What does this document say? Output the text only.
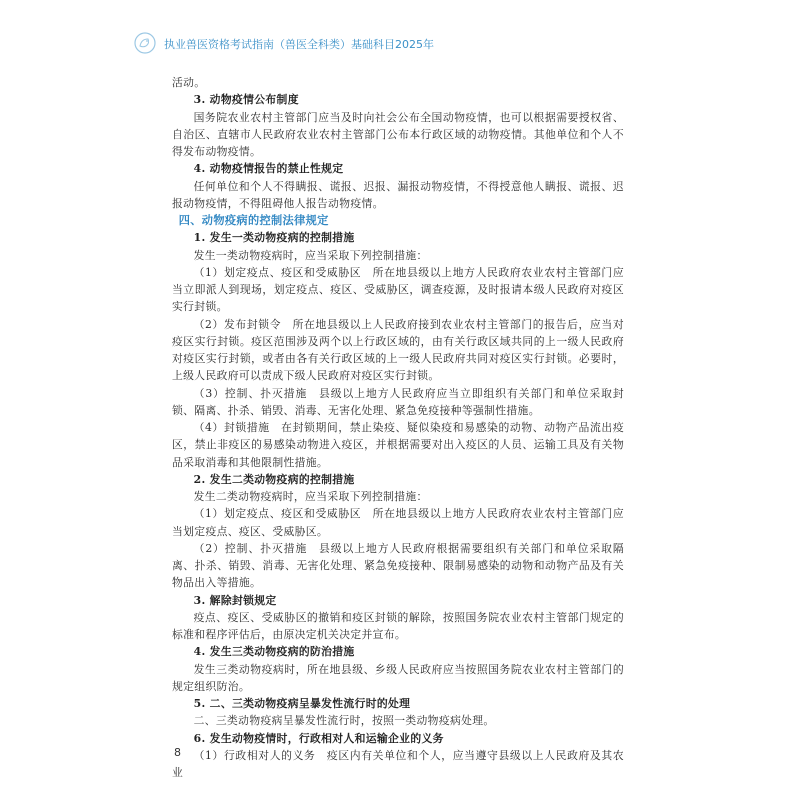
执业兽医资格考试指南（兽医全科类）基础科目2025年

活动。

3. 动物疫情公布制度

国务院农业农村主管部门应当及时向社会公布全国动物疫情，也可以根据需要授权省、自治区、直辖市人民政府农业农村主管部门公布本行政区域的动物疫情。其他单位和个人不得发布动物疫情。

4. 动物疫情报告的禁止性规定

任何单位和个人不得瞒报、谎报、迟报、漏报动物疫情，不得授意他人瞒报、谎报、迟报动物疫情，不得阻碍他人报告动物疫情。

四、动物疫病的控制法律规定

1. 发生一类动物疫病的控制措施

发生一类动物疫病时，应当采取下列控制措施：

（1）划定疫点、疫区和受威胁区　所在地县级以上地方人民政府农业农村主管部门应当立即派人到现场，划定疫点、疫区、受威胁区，调查疫源，及时报请本级人民政府对疫区实行封锁。

（2）发布封锁令　所在地县级以上人民政府接到农业农村主管部门的报告后，应当对疫区实行封锁。疫区范围涉及两个以上行政区域的，由有关行政区域共同的上一级人民政府对疫区实行封锁，或者由各有关行政区域的上一级人民政府共同对疫区实行封锁。必要时，上级人民政府可以责成下级人民政府对疫区实行封锁。

（3）控制、扑灭措施　县级以上地方人民政府应当立即组织有关部门和单位采取封锁、隔离、扑杀、销毁、消毒、无害化处理、紧急免疫接种等强制性措施。

（4）封锁措施　在封锁期间，禁止染疫、疑似染疫和易感染的动物、动物产品流出疫区，禁止非疫区的易感染动物进入疫区，并根据需要对出入疫区的人员、运输工具及有关物品采取消毒和其他限制性措施。

2. 发生二类动物疫病的控制措施

发生二类动物疫病时，应当采取下列控制措施：

（1）划定疫点、疫区和受威胁区　所在地县级以上地方人民政府农业农村主管部门应当划定疫点、疫区、受威胁区。

（2）控制、扑灭措施　县级以上地方人民政府根据需要组织有关部门和单位采取隔离、扑杀、销毁、消毒、无害化处理、紧急免疫接种、限制易感染的动物和动物产品及有关物品出入等措施。

3. 解除封锁规定

疫点、疫区、受威胁区的撤销和疫区封锁的解除，按照国务院农业农村主管部门规定的标准和程序评估后，由原决定机关决定并宣布。

4. 发生三类动物疫病的防治措施

发生三类动物疫病时，所在地县级、乡级人民政府应当按照国务院农业农村主管部门的规定组织防治。

5. 二、三类动物疫病呈暴发性流行时的处理

二、三类动物疫病呈暴发性流行时，按照一类动物疫病处理。

6. 发生动物疫情时，行政相对人和运输企业的义务

（1）行政相对人的义务　疫区内有关单位和个人，应当遵守县级以上人民政府及其农业

8
